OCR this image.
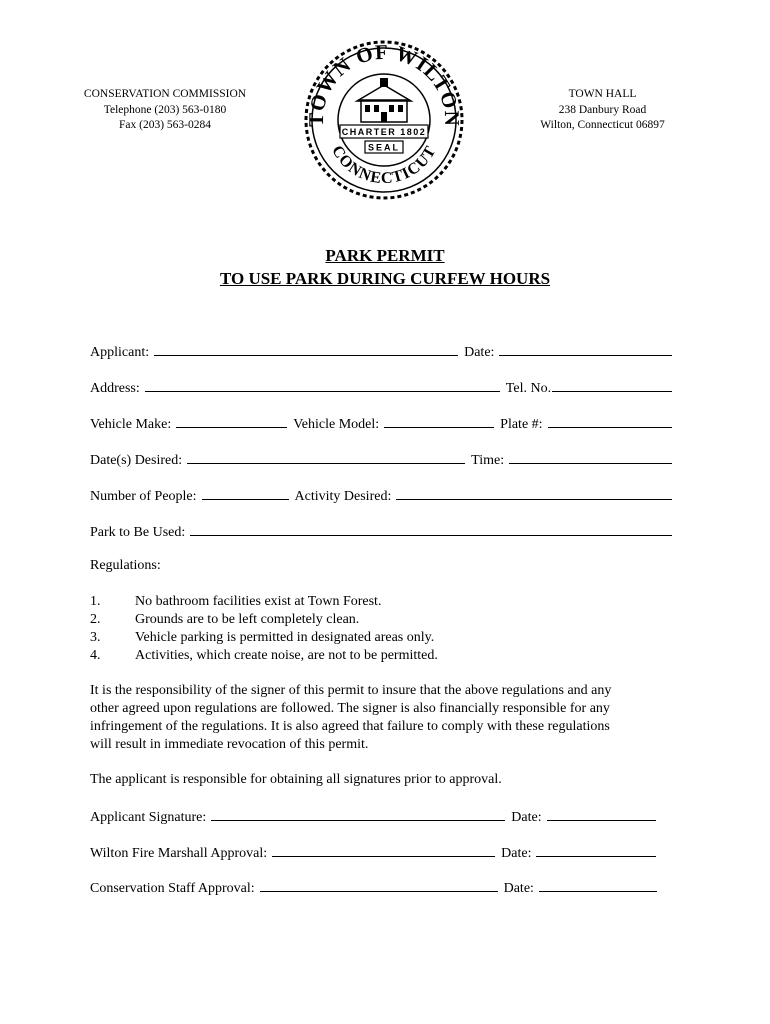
CONSERVATION COMMISSION
Telephone (203) 563-0180
Fax (203) 563-0284	TOWN OF WILTON
CONNECTICUT
CHARTER 1802
SEAL
TOWN HALL
238 Danbury Road
Wilton, Connecticut 06897
PARK PERMIT
TO USE PARK DURING CURFEW HOURS
Applicant:	Date:
Address:	Tel. No.
Vehicle Make:	Vehicle Model:	Plate #:
Date(s) Desired:	Time:
Number of People:	Activity Desired:
Park to Be Used:
Regulations:
1. No bathroom facilities exist at Town Forest.
2. Grounds are to be left completely clean.
3. Vehicle parking is permitted in designated areas only.
4. Activities, which create noise, are not to be permitted.
It is the responsibility of the signer of this permit to insure that the above regulations and any
other agreed upon regulations are followed. The signer is also financially responsible for any
infringement of the regulations. It is also agreed that failure to comply with these regulations
will result in immediate revocation of this permit.
The applicant is responsible for obtaining all signatures prior to approval.
Applicant Signature:	Date:
Wilton Fire Marshall Approval:	Date:
Conservation Staff Approval:	Date:
